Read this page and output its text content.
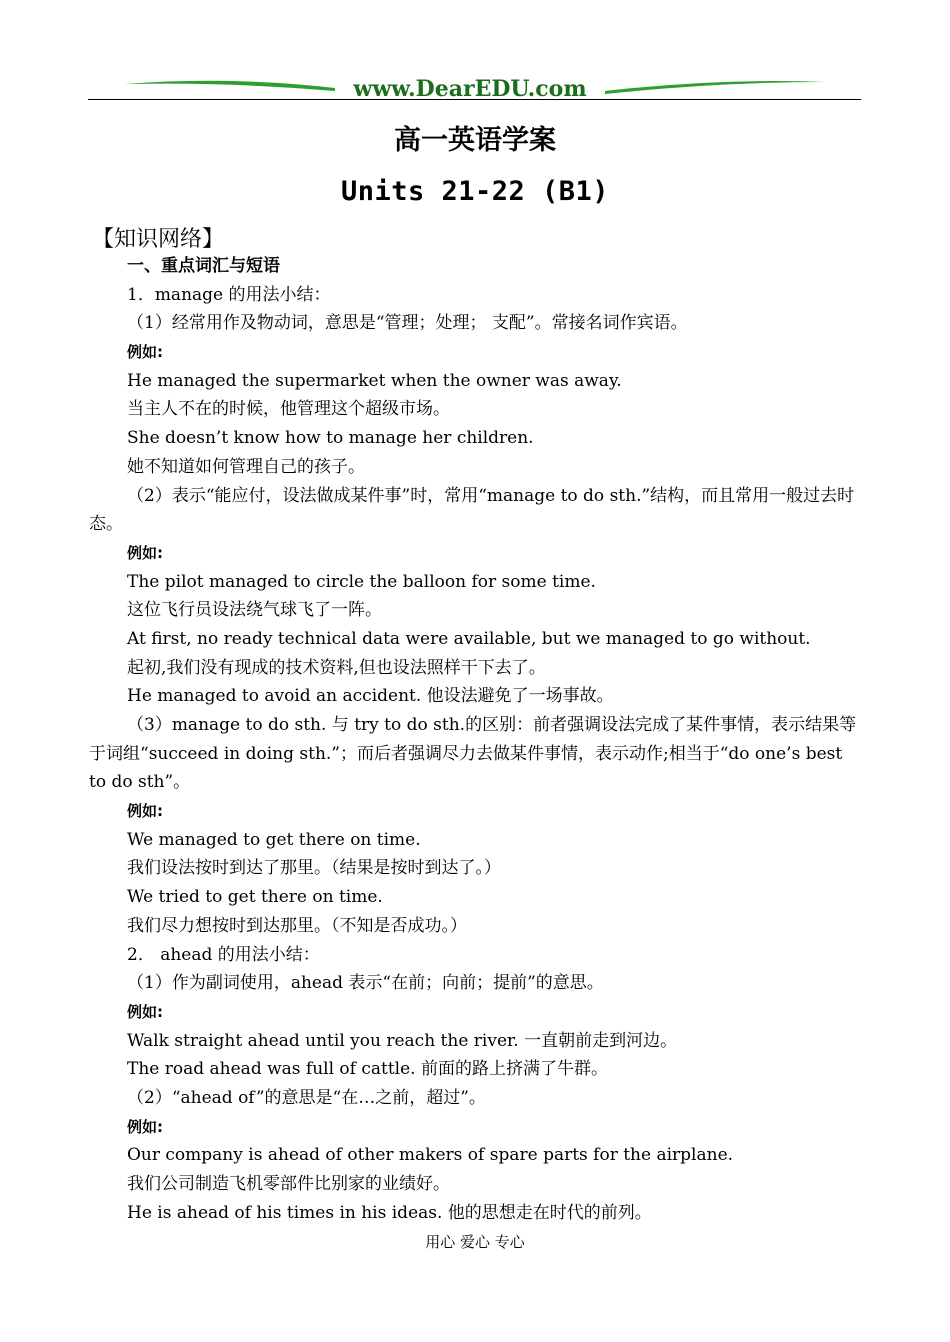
www.DearEDU.com
高一英语学案
Units 21-22 (B1)
【知识网络】
一、重点词汇与短语
1．manage 的用法小结：
（1）经常用作及物动词，意思是“管理；处理； 支配”。常接名词作宾语。
例如:
He managed the supermarket when the owner was away.
当主人不在的时候，他管理这个超级市场。
She doesn’t know how to manage her children.
她不知道如何管理自己的孩子。
（2）表示“能应付，设法做成某件事”时，常用“manage to do sth.”结构，而且常用一般过去时态。
例如:
The pilot managed to circle the balloon for some time.
这位飞行员设法绕气球飞了一阵。
At first, no ready technical data were available, but we managed to go without.
起初,我们没有现成的技术资料,但也设法照样干下去了。
He managed to avoid an accident. 他设法避免了一场事故。
（3）manage to do sth. 与 try to do sth.的区别：前者强调设法完成了某件事情，表示结果等于词组“succeed in doing sth.”；而后者强调尽力去做某件事情，表示动作;相当于“do one’s best to do sth”。
例如:
We managed to get there on time.
我们设法按时到达了那里。（结果是按时到达了。）
We tried to get there on time.
我们尽力想按时到达那里。（不知是否成功。）
2． ahead 的用法小结：
（1）作为副词使用，ahead 表示“在前；向前；提前”的意思。
例如:
Walk straight ahead until you reach the river. 一直朝前走到河边。
The road ahead was full of cattle. 前面的路上挤满了牛群。
（2）“ahead of”的意思是“在…之前，超过”。
例如:
Our company is ahead of other makers of spare parts for the airplane.
我们公司制造飞机零部件比别家的业绩好。
He is ahead of his times in his ideas. 他的思想走在时代的前列。
用心 爱心 专心
